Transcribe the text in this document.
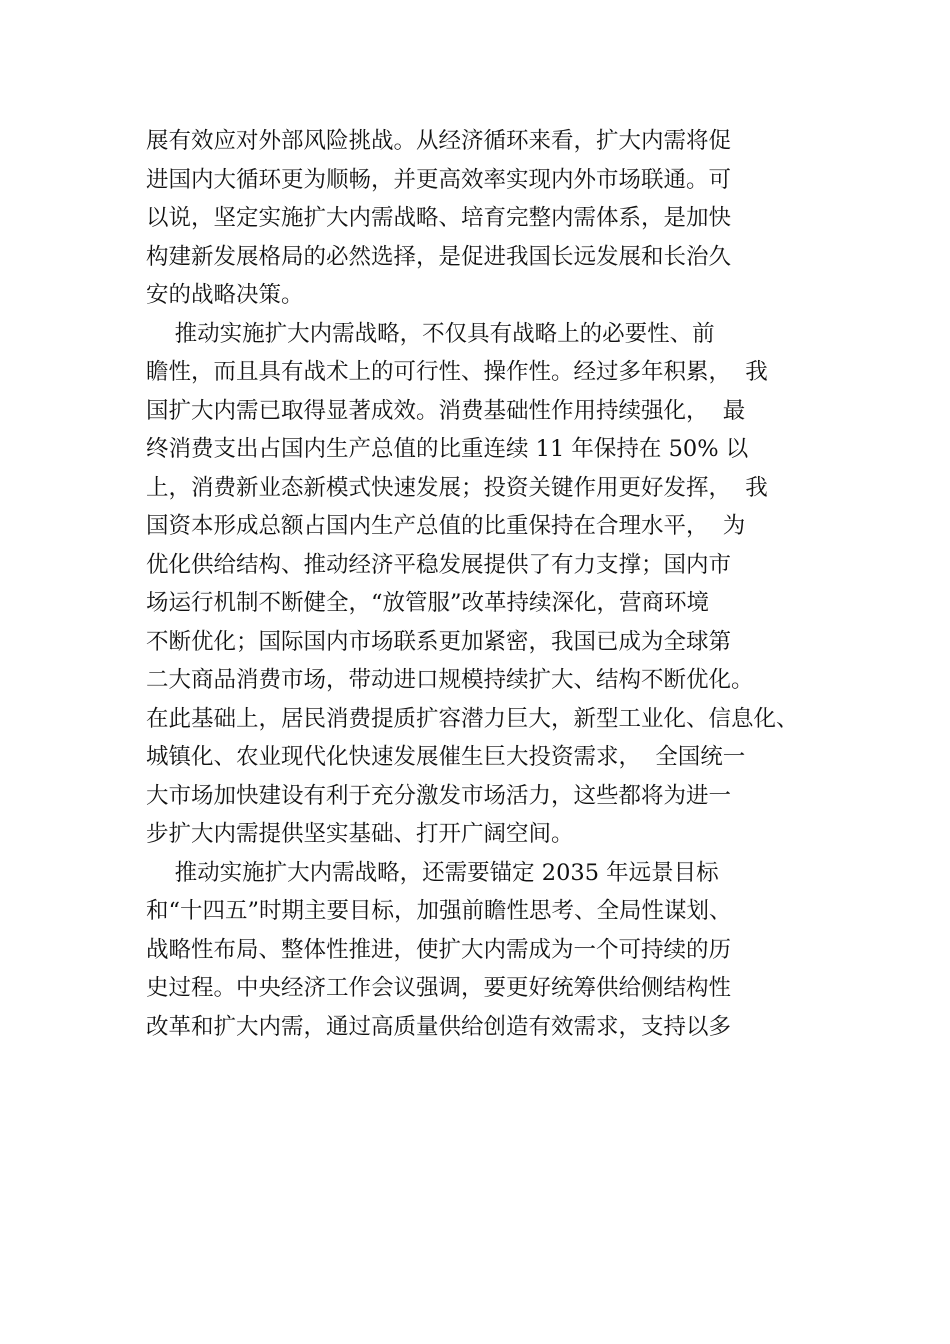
展有效应对外部风险挑战。从经济循环来看，扩大内需将促
进国内大循环更为顺畅，并更高效率实现内外市场联通。可
以说，坚定实施扩大内需战略、培育完整内需体系，是加快
构建新发展格局的必然选择，是促进我国长远发展和长治久
安的战略决策。
推动实施扩大内需战略，不仅具有战略上的必要性、前
瞻性，而且具有战术上的可行性、操作性。经过多年积累，  我
国扩大内需已取得显著成效。消费基础性作用持续强化，  最
终消费支出占国内生产总值的比重连续 11 年保持在 50% 以
上，消费新业态新模式快速发展；投资关键作用更好发挥，  我
国资本形成总额占国内生产总值的比重保持在合理水平，  为
优化供给结构、推动经济平稳发展提供了有力支撑；国内市
场运行机制不断健全，“放管服”改革持续深化，营商环境
不断优化；国际国内市场联系更加紧密，我国已成为全球第
二大商品消费市场，带动进口规模持续扩大、结构不断优化。
在此基础上，居民消费提质扩容潜力巨大，新型工业化、信息化、
城镇化、农业现代化快速发展催生巨大投资需求，  全国统一
大市场加快建设有利于充分激发市场活力，这些都将为进一
步扩大内需提供坚实基础、打开广阔空间。
推动实施扩大内需战略，还需要锚定 2035 年远景目标
和“十四五”时期主要目标，加强前瞻性思考、全局性谋划、
战略性布局、整体性推进，使扩大内需成为一个可持续的历
史过程。中央经济工作会议强调，要更好统筹供给侧结构性
改革和扩大内需，通过高质量供给创造有效需求，支持以多
